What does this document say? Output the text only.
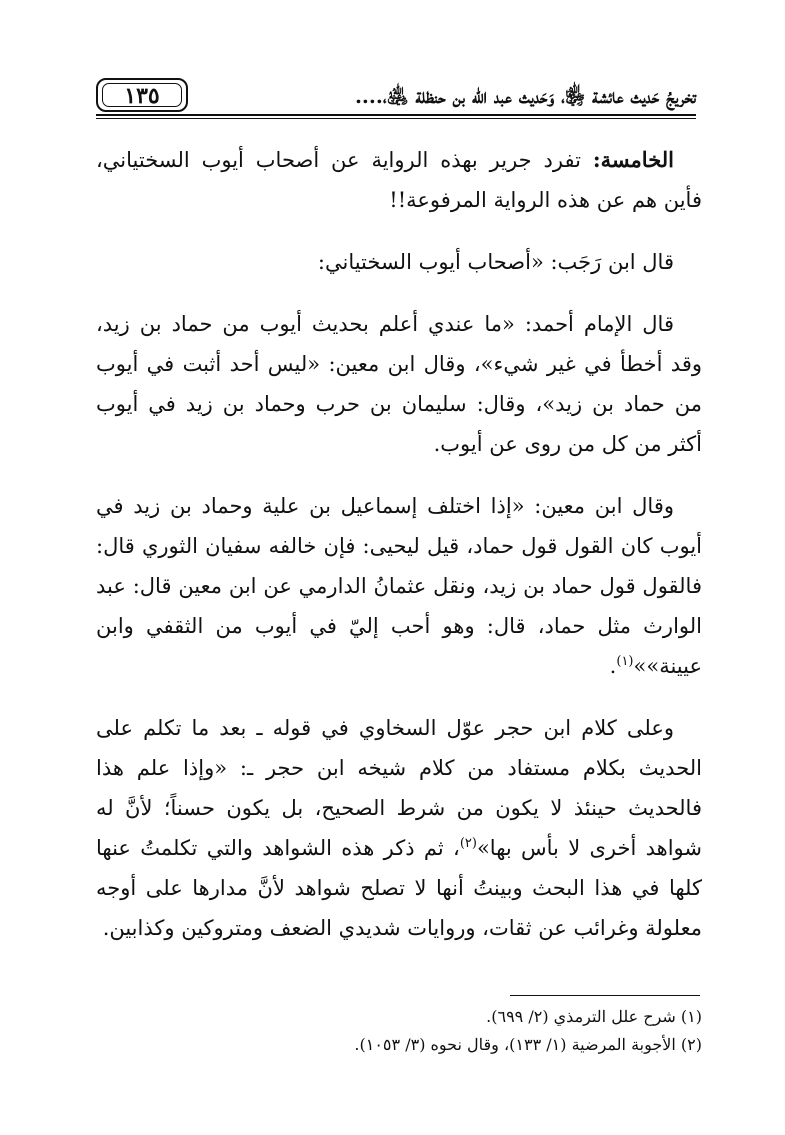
تخريجُ حَديث عائشة ﵂، وَحَديث عبد الله بن حنظلة ﵁،....
١٣٥

الخامسة: تفرد جرير بهذه الرواية عن أصحاب أيوب السختياني، فأين هم عن هذه الرواية المرفوعة!!

قال ابن رَجَب: «أصحاب أيوب السختياني:

قال الإمام أحمد: «ما عندي أعلم بحديث أيوب من حماد بن زيد، وقد أخطأ في غير شيء»، وقال ابن معين: «ليس أحد أثبت في أيوب من حماد بن زيد»، وقال: سليمان بن حرب وحماد بن زيد في أيوب أكثر من كل من روى عن أيوب.

وقال ابن معين: «إذا اختلف إسماعيل بن علية وحماد بن زيد في أيوب كان القول قول حماد، قيل ليحيى: فإن خالفه سفيان الثوري قال: فالقول قول حماد بن زيد، ونقل عثمانُ الدارمي عن ابن معين قال: عبد الوارث مثل حماد، قال: وهو أحب إليّ في أيوب من الثقفي وابن عيينة»»$^{(١)}$.

وعلى كلام ابن حجر عوّل السخاوي في قوله ـ بعد ما تكلم على الحديث بكلام مستفاد من كلام شيخه ابن حجر ـ: «وإذا علم هذا فالحديث حينئذ لا يكون من شرط الصحيح، بل يكون حسناً؛ لأنَّ له شواهد أخرى لا بأس بها»$^{(٢)}$، ثم ذكر هذه الشواهد والتي تكلمتُ عنها كلها في هذا البحث وبينتُ أنها لا تصلح شواهد لأنَّ مدارها على أوجه معلولة وغرائب عن ثقات، وروايات شديدي الضعف ومتروكين وكذابين.

(١) شرح علل الترمذي (٢/ ٦٩٩).

(٢) الأجوبة المرضية (١/ ١٣٣)، وقال نحوه (٣/ ١٠٥٣).
